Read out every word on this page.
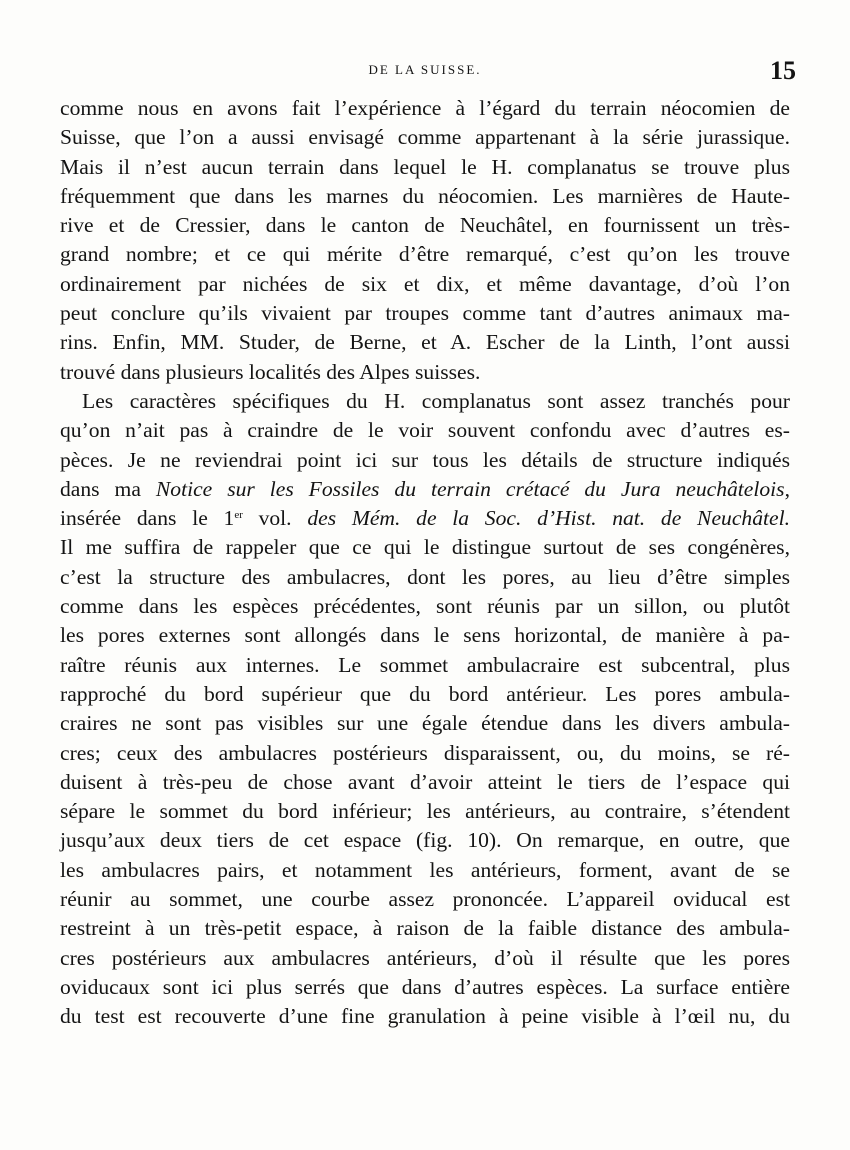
DE LA SUISSE.	15
comme nous en avons fait l’expérience à l’égard du terrain néocomien de
Suisse, que l’on a aussi envisagé comme appartenant à la série jurassique.
Mais il n’est aucun terrain dans lequel le H. complanatus se trouve plus
fréquemment que dans les marnes du néocomien. Les marnières de Haute-
rive et de Cressier, dans le canton de Neuchâtel, en fournissent un très-
grand nombre; et ce qui mérite d’être remarqué, c’est qu’on les trouve
ordinairement par nichées de six et dix, et même davantage, d’où l’on
peut conclure qu’ils vivaient par troupes comme tant d’autres animaux ma-
rins. Enfin, MM. Studer, de Berne, et A. Escher de la Linth, l’ont aussi
trouvé dans plusieurs localités des Alpes suisses.
Les caractères spécifiques du H. complanatus sont assez tranchés pour
qu’on n’ait pas à craindre de le voir souvent confondu avec d’autres es-
pèces. Je ne reviendrai point ici sur tous les détails de structure indiqués
dans ma Notice sur les Fossiles du terrain crétacé du Jura neuchâtelois,
insérée dans le 1er vol. des Mém. de la Soc. d’Hist. nat. de Neuchâtel.
Il me suffira de rappeler que ce qui le distingue surtout de ses congénères,
c’est la structure des ambulacres, dont les pores, au lieu d’être simples
comme dans les espèces précédentes, sont réunis par un sillon, ou plutôt
les pores externes sont allongés dans le sens horizontal, de manière à pa-
raître réunis aux internes. Le sommet ambulacraire est subcentral, plus
rapproché du bord supérieur que du bord antérieur. Les pores ambula-
craires ne sont pas visibles sur une égale étendue dans les divers ambula-
cres; ceux des ambulacres postérieurs disparaissent, ou, du moins, se ré-
duisent à très-peu de chose avant d’avoir atteint le tiers de l’espace qui
sépare le sommet du bord inférieur; les antérieurs, au contraire, s’étendent
jusqu’aux deux tiers de cet espace (fig. 10). On remarque, en outre, que
les ambulacres pairs, et notamment les antérieurs, forment, avant de se
réunir au sommet, une courbe assez prononcée. L’appareil oviducal est
restreint à un très-petit espace, à raison de la faible distance des ambula-
cres postérieurs aux ambulacres antérieurs, d’où il résulte que les pores
oviducaux sont ici plus serrés que dans d’autres espèces. La surface entière
du test est recouverte d’une fine granulation à peine visible à l’œil nu, du
